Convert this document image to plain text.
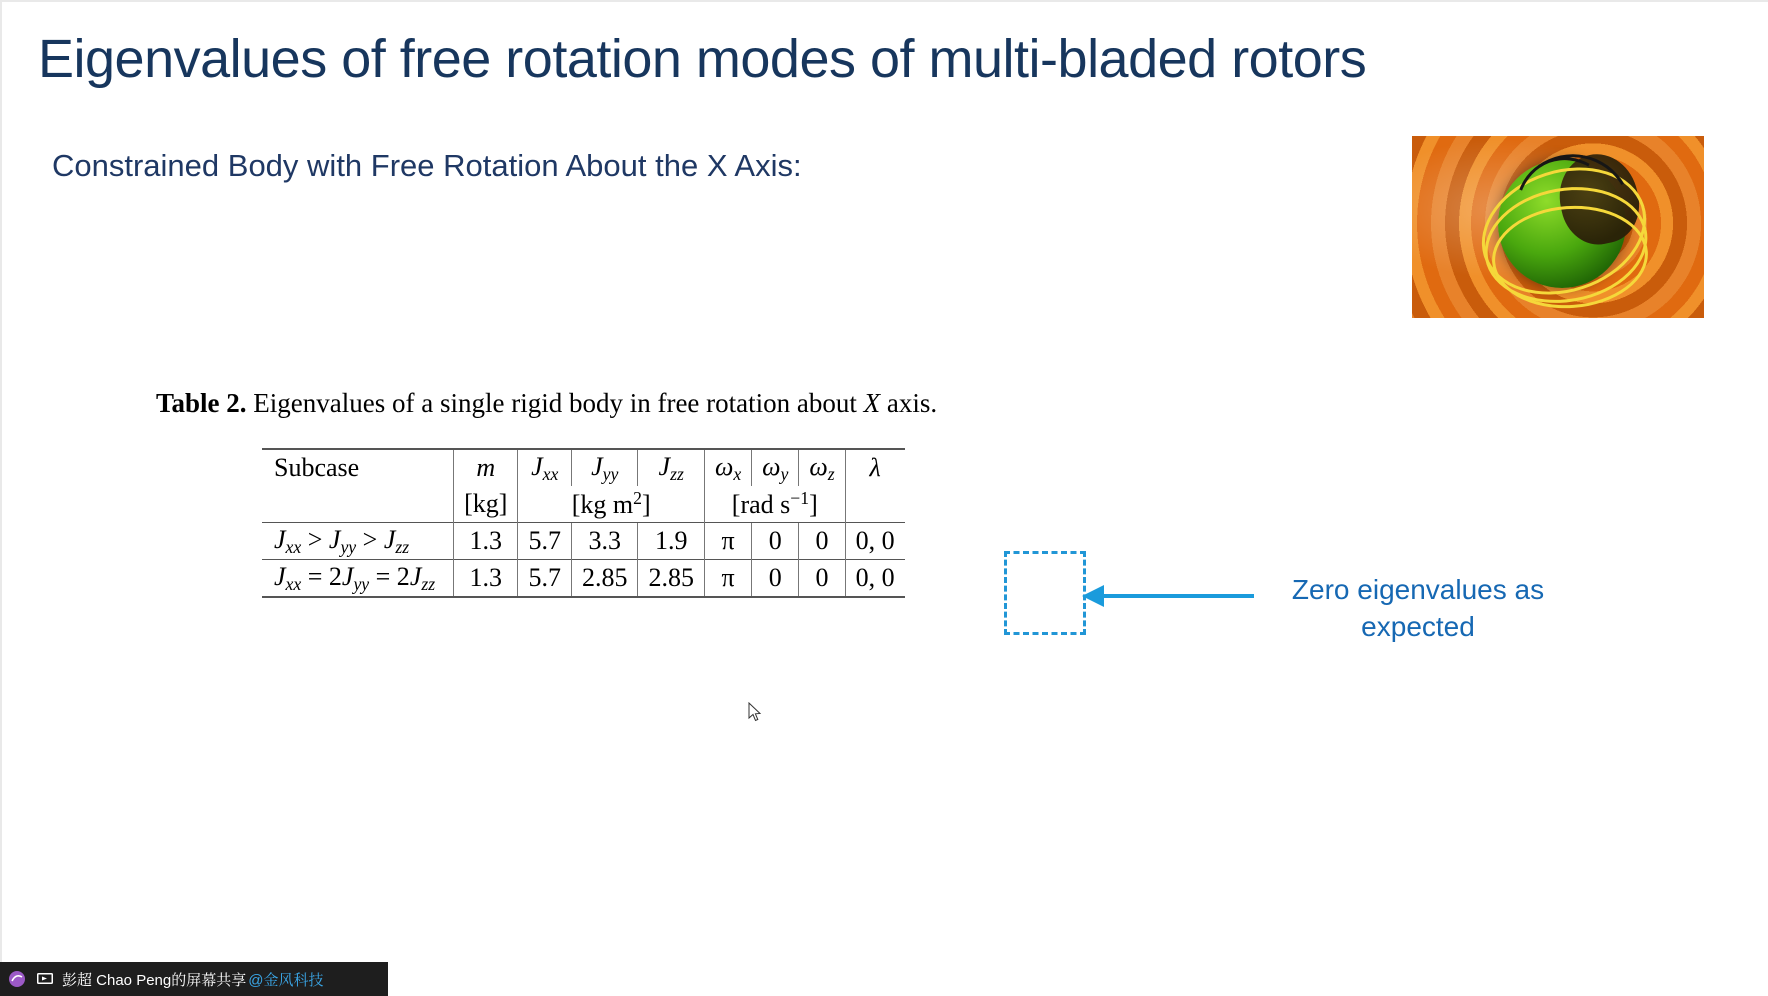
Eigenvalues of free rotation modes of multi-bladed rotors
Constrained Body with Free Rotation About the X Axis:
Table 2. Eigenvalues of a single rigid body in free rotation about X axis.
Subcase	m	$J_{xx}$	$J_{yy}$	$J_{zz}$	$\omega_x$	$\omega_y$	$\omega_z$	λ
	[kg]	[kg $m^2$]			[rad $s^{-1}$]			
$J_{xx} > J_{yy} > J_{zz}$	1.3	5.7	3.3	1.9	π	0	0	0, 0
$J_{xx} = 2J_{yy} = 2J_{zz}$	1.3	5.7	2.85	2.85	π	0	0	0, 0	Zero eigenvalues as
expected
彭超 Chao Peng的屏幕共享 @金风科技
